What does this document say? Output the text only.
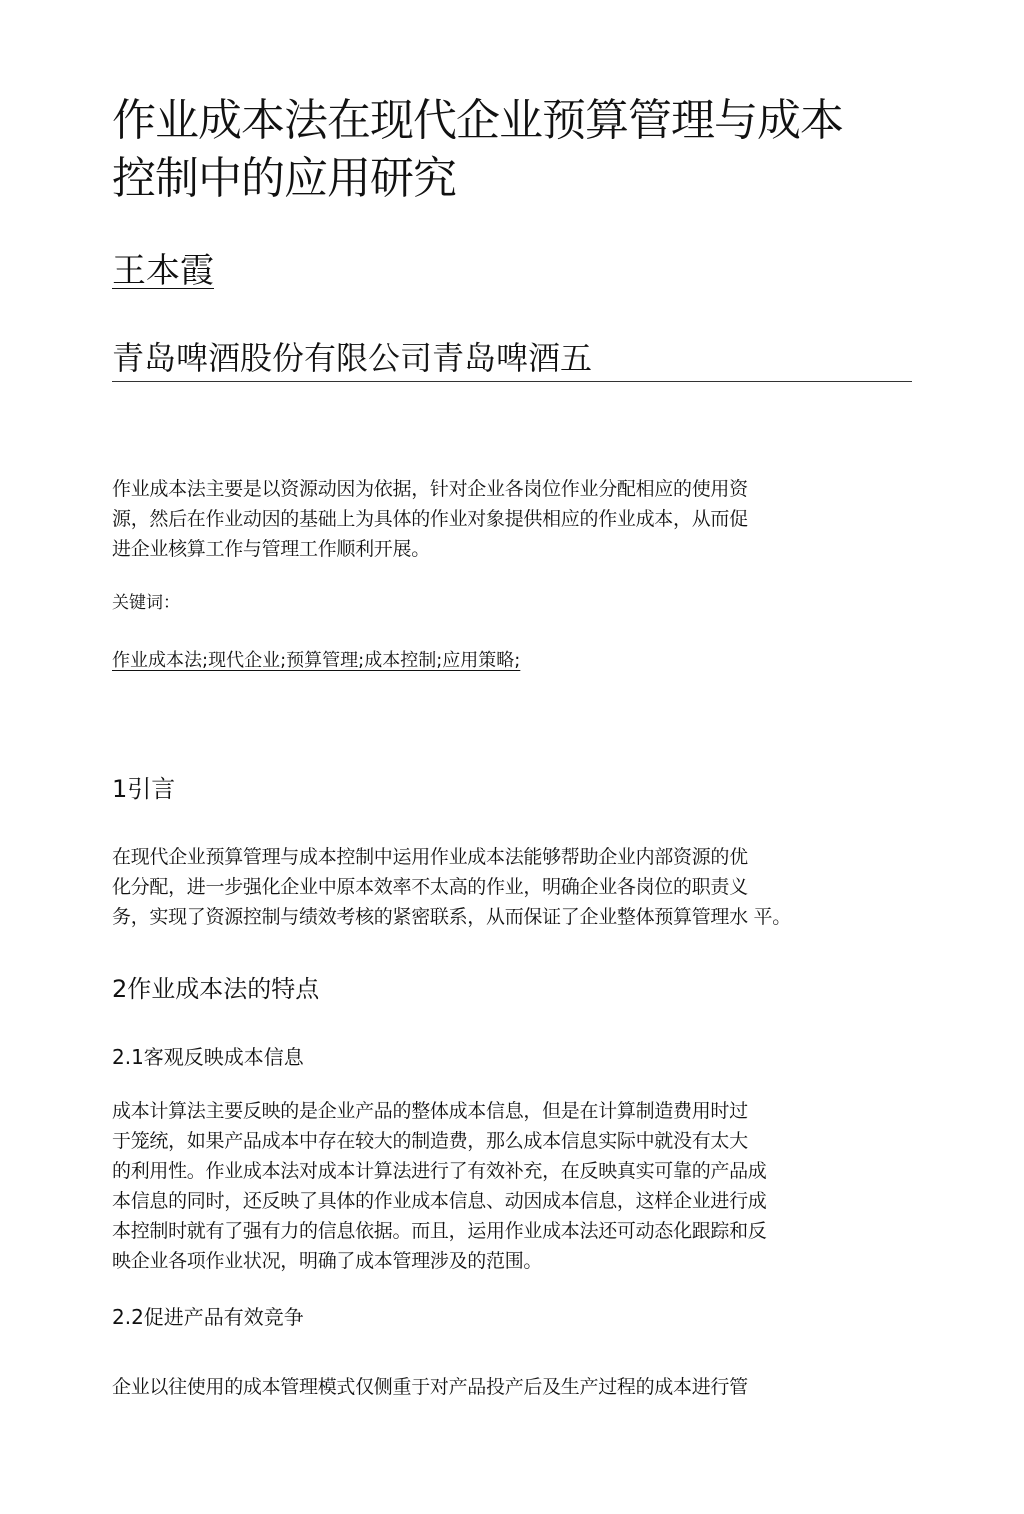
作业成本法在现代企业预算管理与成本
控制中的应用研究
王本霞
青岛啤酒股份有限公司青岛啤酒五
作业成本法主要是以资源动因为依据，针对企业各岗位作业分配相应的使用资
源，然后在作业动因的基础上为具体的作业对象提供相应的作业成本，从而促
进企业核算工作与管理工作顺利开展。
关键词：
作业成本法;现代企业;预算管理;成本控制;应用策略;
1引言
在现代企业预算管理与成本控制中运用作业成本法能够帮助企业内部资源的优
化分配，进一步强化企业中原本效率不太高的作业，明确企业各岗位的职责义
务，实现了资源控制与绩效考核的紧密联系，从而保证了企业整体预算管理水 平。
2作业成本法的特点
2.1客观反映成本信息
成本计算法主要反映的是企业产品的整体成本信息，但是在计算制造费用时过
于笼统，如果产品成本中存在较大的制造费，那么成本信息实际中就没有太大
的利用性。作业成本法对成本计算法进行了有效补充，在反映真实可靠的产品成
本信息的同时，还反映了具体的作业成本信息、动因成本信息，这样企业进行成
本控制时就有了强有力的信息依据。而且，运用作业成本法还可动态化跟踪和反
映企业各项作业状况，明确了成本管理涉及的范围。
2.2促进产品有效竞争
企业以往使用的成本管理模式仅侧重于对产品投产后及生产过程的成本进行管
